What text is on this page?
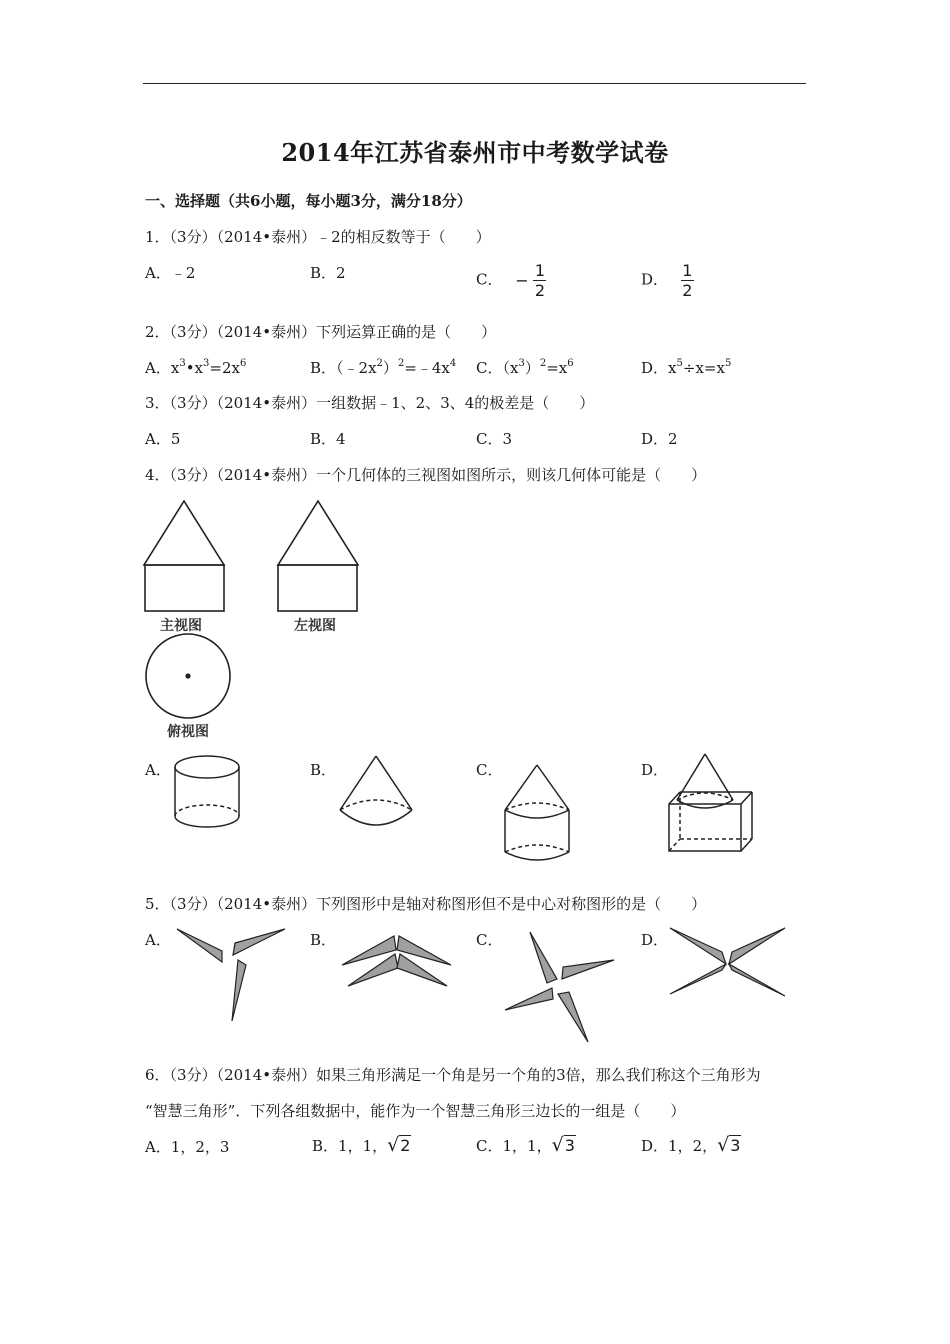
2014年江苏省泰州市中考数学试卷
一、选择题（共6小题，每小题3分，满分18分）
1．（3分）（2014•泰州）﹣2的相反数等于（　　）
A．﹣2	B．2	C． − $\frac{1}{2}$	D． $\frac{1}{2}$
2．（3分）（2014•泰州）下列运算正确的是（　　）
A．$x^3•x^3=2x^6$	B．$(﹣2x^2)^2=﹣4x^4$ C．$(x^3)^2=x^6$	D．$x^5\div x=x^5$
3．（3分）（2014•泰州）一组数据﹣1、2、3、4的极差是（　　）
A．5	B．4	C．3	D．2
4．（3分）（2014•泰州）一个几何体的三视图如图所示，则该几何体可能是（　　）
主视图	左视图
俯视图
A．	B．	C．	D．
5．（3分）（2014•泰州）下列图形中是轴对称图形但不是中心对称图形的是（　　）
A．	B．	C．	D．
6．（3分）（2014•泰州）如果三角形满足一个角是另一个角的3倍，那么我们称这个三角形为
“智慧三角形”．下列各组数据中，能作为一个智慧三角形三边长的一组是（　　）
A．1，2，3	B．1，1，√2	C．1，1，√3	D．1，2，√3
